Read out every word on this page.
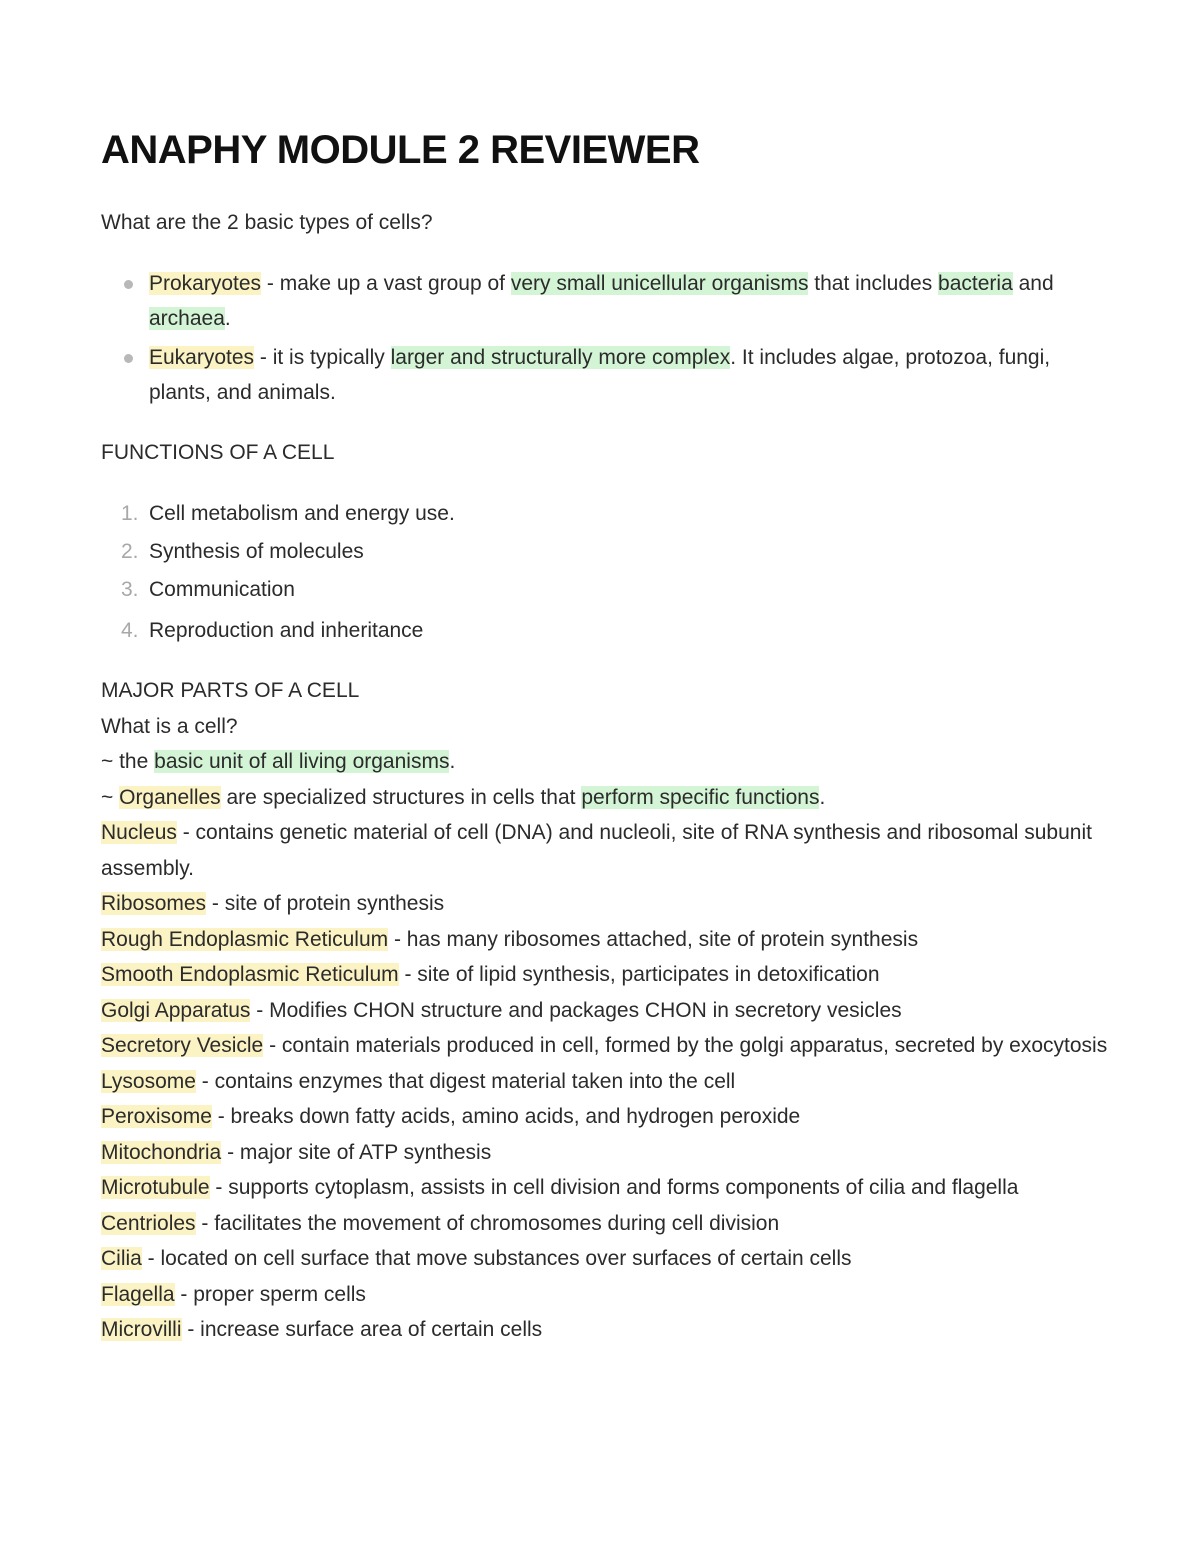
ANAPHY MODULE 2 REVIEWER

What are the 2 basic types of cells?

Prokaryotes - make up a vast group of very small unicellular organisms that includes bacteria and archaea.
Eukaryotes - it is typically larger and structurally more complex. It includes algae, protozoa, fungi, plants, and animals.

FUNCTIONS OF A CELL

1. Cell metabolism and energy use.
2. Synthesis of molecules
3. Communication
4. Reproduction and inheritance

MAJOR PARTS OF A CELL

What is a cell?

~ the basic unit of all living organisms.

~ Organelles are specialized structures in cells that perform specific functions.

Nucleus - contains genetic material of cell (DNA) and nucleoli, site of RNA synthesis and ribosomal subunit assembly.

Ribosomes - site of protein synthesis

Rough Endoplasmic Reticulum - has many ribosomes attached, site of protein synthesis

Smooth Endoplasmic Reticulum - site of lipid synthesis, participates in detoxification

Golgi Apparatus - Modifies CHON structure and packages CHON in secretory vesicles

Secretory Vesicle - contain materials produced in cell, formed by the golgi apparatus, secreted by exocytosis

Lysosome - contains enzymes that digest material taken into the cell

Peroxisome - breaks down fatty acids, amino acids, and hydrogen peroxide

Mitochondria - major site of ATP synthesis

Microtubule - supports cytoplasm, assists in cell division and forms components of cilia and flagella

Centrioles - facilitates the movement of chromosomes during cell division

Cilia - located on cell surface that move substances over surfaces of certain cells

Flagella - proper sperm cells

Microvilli - increase surface area of certain cells
